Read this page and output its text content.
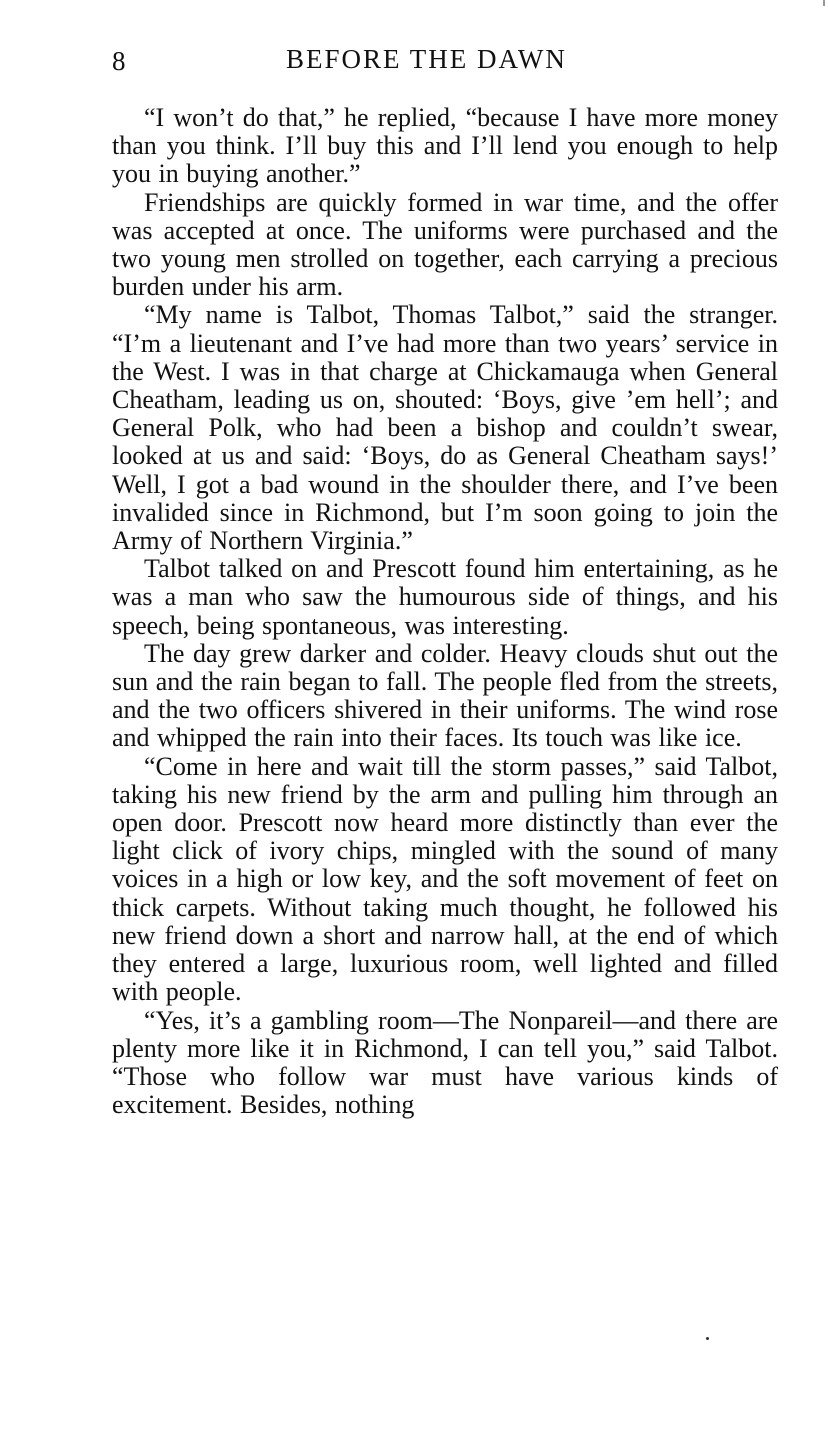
8	BEFORE THE DAWN

“I won’t do that,” he replied, “because I have more money than you think. I’ll buy this and I’ll lend you enough to help you in buying another.”

Friendships are quickly formed in war time, and the offer was accepted at once. The uniforms were purchased and the two young men strolled on together, each carrying a precious burden under his arm.

“My name is Talbot, Thomas Talbot,” said the stranger. “I’m a lieutenant and I’ve had more than two years’ service in the West. I was in that charge at Chickamauga when General Cheatham, leading us on, shouted: ‘Boys, give ’em hell’; and General Polk, who had been a bishop and couldn’t swear, looked at us and said: ‘Boys, do as General Cheatham says!’ Well, I got a bad wound in the shoulder there, and I’ve been invalided since in Richmond, but I’m soon going to join the Army of Northern Virginia.”

Talbot talked on and Prescott found him entertaining, as he was a man who saw the humourous side of things, and his speech, being spontaneous, was interesting.

The day grew darker and colder. Heavy clouds shut out the sun and the rain began to fall. The people fled from the streets, and the two officers shivered in their uniforms. The wind rose and whipped the rain into their faces. Its touch was like ice.

“Come in here and wait till the storm passes,” said Talbot, taking his new friend by the arm and pulling him through an open door. Prescott now heard more distinctly than ever the light click of ivory chips, mingled with the sound of many voices in a high or low key, and the soft movement of feet on thick carpets. Without taking much thought, he followed his new friend down a short and narrow hall, at the end of which they entered a large, luxurious room, well lighted and filled with people.

“Yes, it’s a gambling room—The Nonpareil—and there are plenty more like it in Richmond, I can tell you,” said Talbot. “Those who follow war must have various kinds of excitement. Besides, nothing
